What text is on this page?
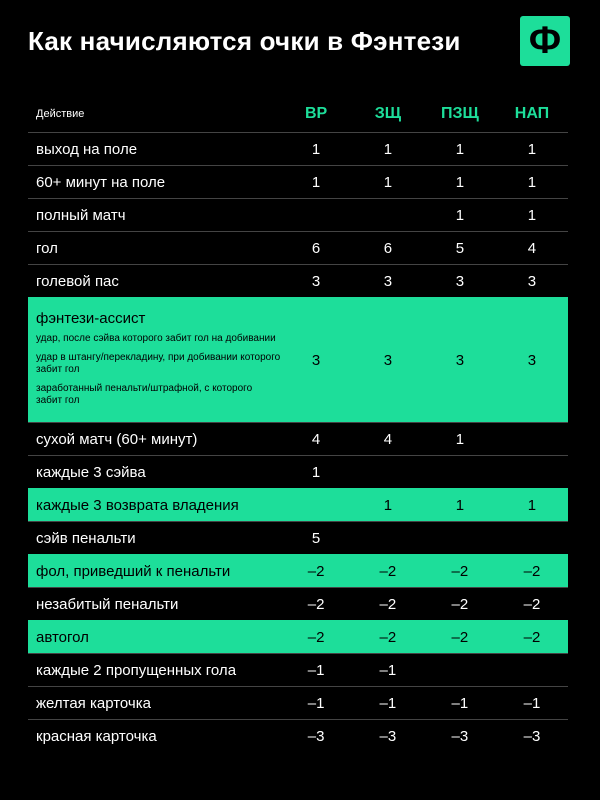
Как начисляются очки в Фэнтези Ф
Действие	ВР	ЗЩ	ПЗЩ	НАП
выход на поле	1	1	1	1
60+ минут на поле	1	1	1	1
полный матч			1	1
гол	6	6	5	4
голевой пас	3	3	3	3

фэнтези-ассист
удар, после сэйва которого забит гол на добивании
удар в штангу/перекладину, при добивании которого забит гол
заработанный пенальти/штрафной, с которого забит гол	3	3	3	3
сухой матч (60+ минут)	4	4	1	
каждые 3 сэйва	1			
каждые 3 возврата владения		1	1	1
сэйв пенальти	5			
фол, приведший к пенальти	–2	–2	–2	–2
незабитый пенальти	–2	–2	–2	–2
автогол	–2	–2	–2	–2
каждые 2 пропущенных гола	–1	–1		
желтая карточка	–1	–1	–1	–1
красная карточка	–3	–3	–3	–3
